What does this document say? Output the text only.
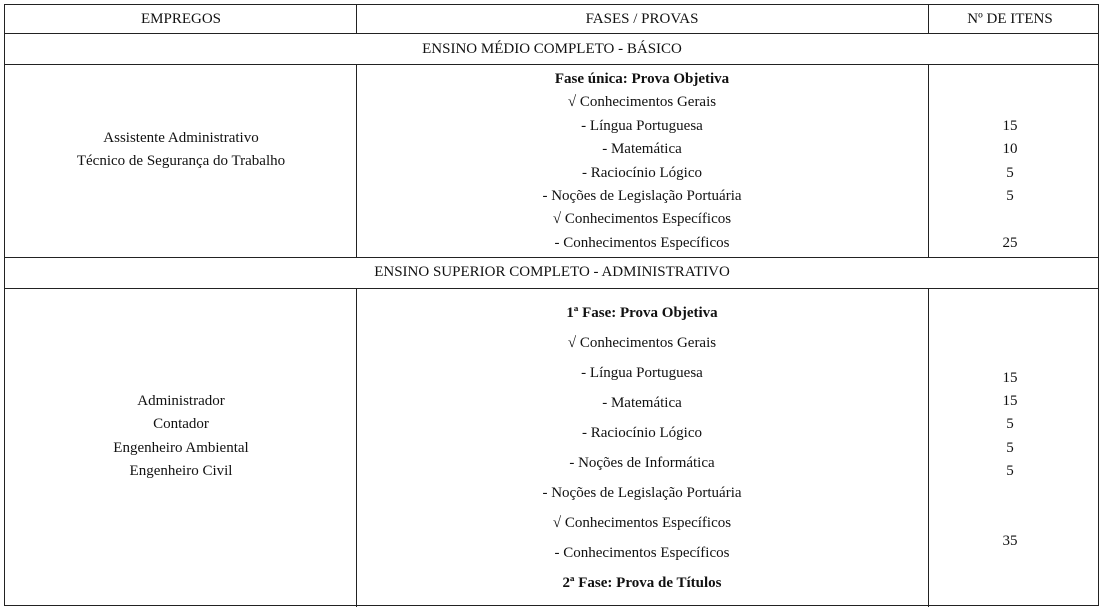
EMPREGOS	FASES / PROVAS	Nº DE ITENS
ENSINO MÉDIO COMPLETO - BÁSICO
Assistente Administrativo
Técnico de Segurança do Trabalho
Fase única: Prova Objetiva
√ Conhecimentos Gerais
- Língua Portuguesa
- Matemática
- Raciocínio Lógico
- Noções de Legislação Portuária
√ Conhecimentos Específicos
- Conhecimentos Específicos
15
10
5
5
25
ENSINO SUPERIOR COMPLETO - ADMINISTRATIVO
Administrador
Contador
Engenheiro Ambiental
Engenheiro Civil
1ª Fase: Prova Objetiva
√ Conhecimentos Gerais
- Língua Portuguesa
- Matemática
- Raciocínio Lógico
- Noções de Informática
- Noções de Legislação Portuária
√ Conhecimentos Específicos
- Conhecimentos Específicos
2ª Fase: Prova de Títulos
15
15
5
5
5
35
